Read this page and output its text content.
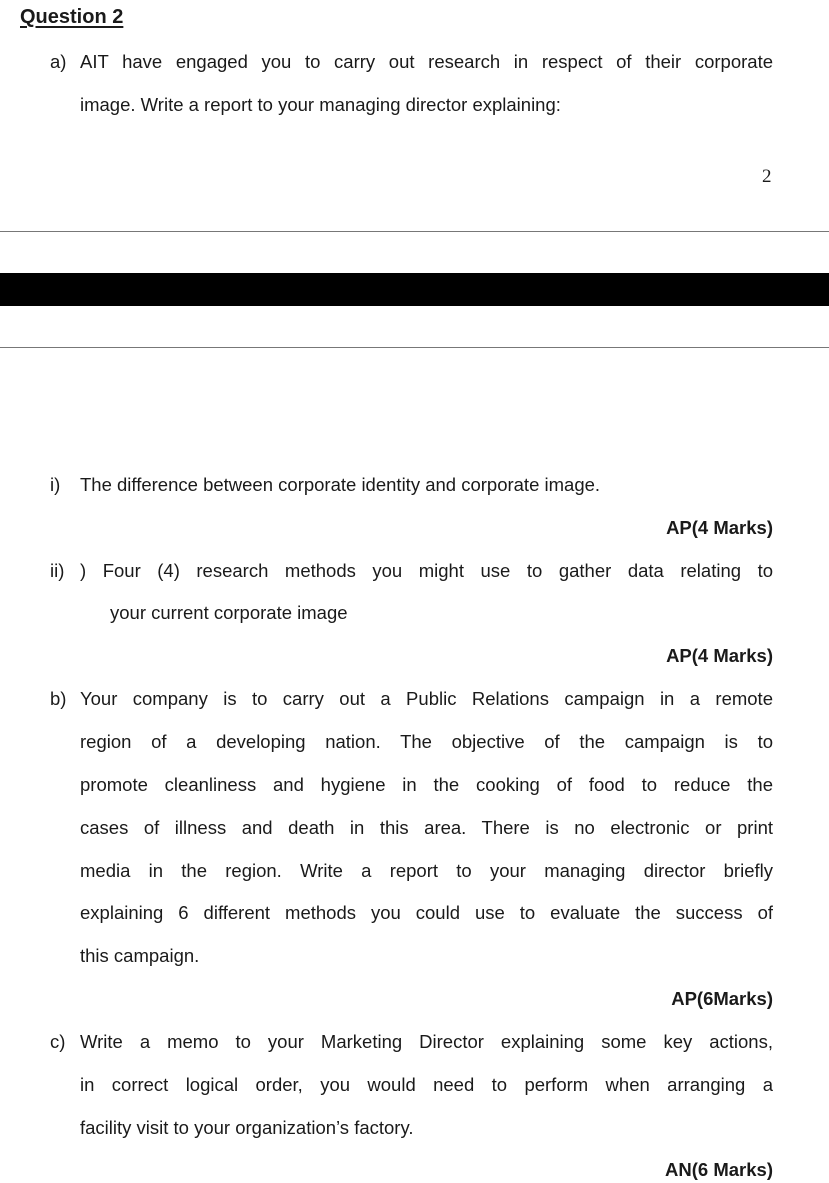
Question 2
a) AIT have engaged you to carry out research in respect of their corporate
image. Write a report to your managing director explaining:
2
i) The difference between corporate identity and corporate image.
AP(4 Marks)
ii) ) Four (4) research methods you might use to gather data relating to
your current corporate image
AP(4 Marks)
b) Your company is to carry out a Public Relations campaign in a remote
region of a developing nation. The objective of the campaign is to
promote cleanliness and hygiene in the cooking of food to reduce the
cases of illness and death in this area. There is no electronic or print
media in the region. Write a report to your managing director briefly
explaining 6 different methods you could use to evaluate the success of
this campaign.
AP(6Marks)
c) Write a memo to your Marketing Director explaining some key actions,
in correct logical order, you would need to perform when arranging a
facility visit to your organization’s factory.
AN(6 Marks)
